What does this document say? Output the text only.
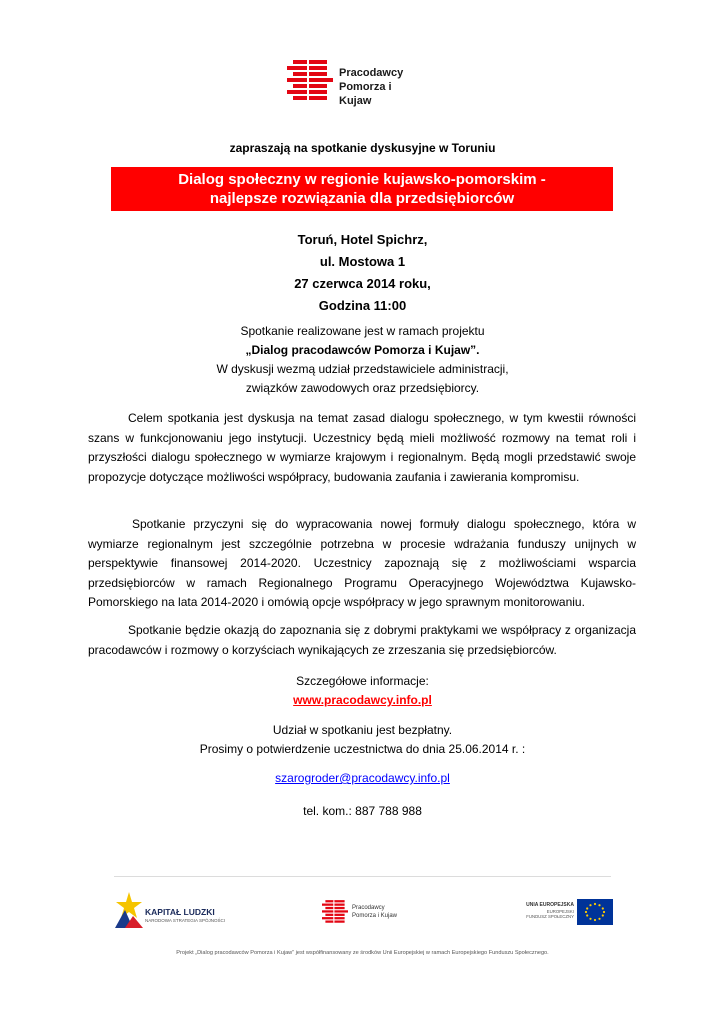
Pracodawcy
Pomorza i Kujaw
zapraszają na spotkanie dyskusyjne w Toruniu
Dialog społeczny w regionie kujawsko-pomorskim -
najlepsze rozwiązania dla przedsiębiorców
Toruń, Hotel Spichrz,
ul. Mostowa 1
27 czerwca 2014 roku,
Godzina 11:00
Spotkanie realizowane jest w ramach projektu
„Dialog pracodawców Pomorza i Kujaw”.
W dyskusji wezmą udział przedstawiciele administracji,
związków zawodowych oraz przedsiębiorcy.
Celem spotkania jest dyskusja na temat zasad dialogu społecznego, w tym kwestii równości szans w funkcjonowaniu jego instytucji. Uczestnicy będą mieli możliwość rozmowy na temat roli i przyszłości dialogu społecznego w wymiarze krajowym i regionalnym. Będą mogli przedstawić swoje propozycje dotyczące możliwości współpracy, budowania zaufania i zawierania kompromisu.
Spotkanie przyczyni się do wypracowania nowej formuły dialogu społecznego, która w wymiarze regionalnym jest szczególnie potrzebna w procesie wdrażania funduszy unijnych w perspektywie finansowej 2014-2020. Uczestnicy zapoznają się z możliwościami wsparcia przedsiębiorców w ramach Regionalnego Programu Operacyjnego Województwa Kujawsko-Pomorskiego na lata 2014-2020 i omówią opcje współpracy w jego sprawnym monitorowaniu.
Spotkanie będzie okazją do zapoznania się z dobrymi praktykami we współpracy z organizacja pracodawców i rozmowy o korzyściach wynikających ze zrzeszania się przedsiębiorców.
Szczegółowe informacje:
www.pracodawcy.info.pl
Udział w spotkaniu jest bezpłatny.
Prosimy o potwierdzenie uczestnictwa do dnia 25.06.2014 r. :
szarogroder@pracodawcy.info.pl
tel. kom.: 887 788 988
KAPITAŁ LUDZKI
NARODOWA STRATEGIA SPÓJNOŚCI
Pracodawcy
Pomorza i Kujaw
UNIA EUROPEJSKA
EUROPEJSKI
FUNDUSZ SPOŁECZNY
Projekt „Dialog pracodawców Pomorza i Kujaw” jest współfinansowany ze środków Unii Europejskiej w ramach Europejskiego Funduszu Społecznego.
